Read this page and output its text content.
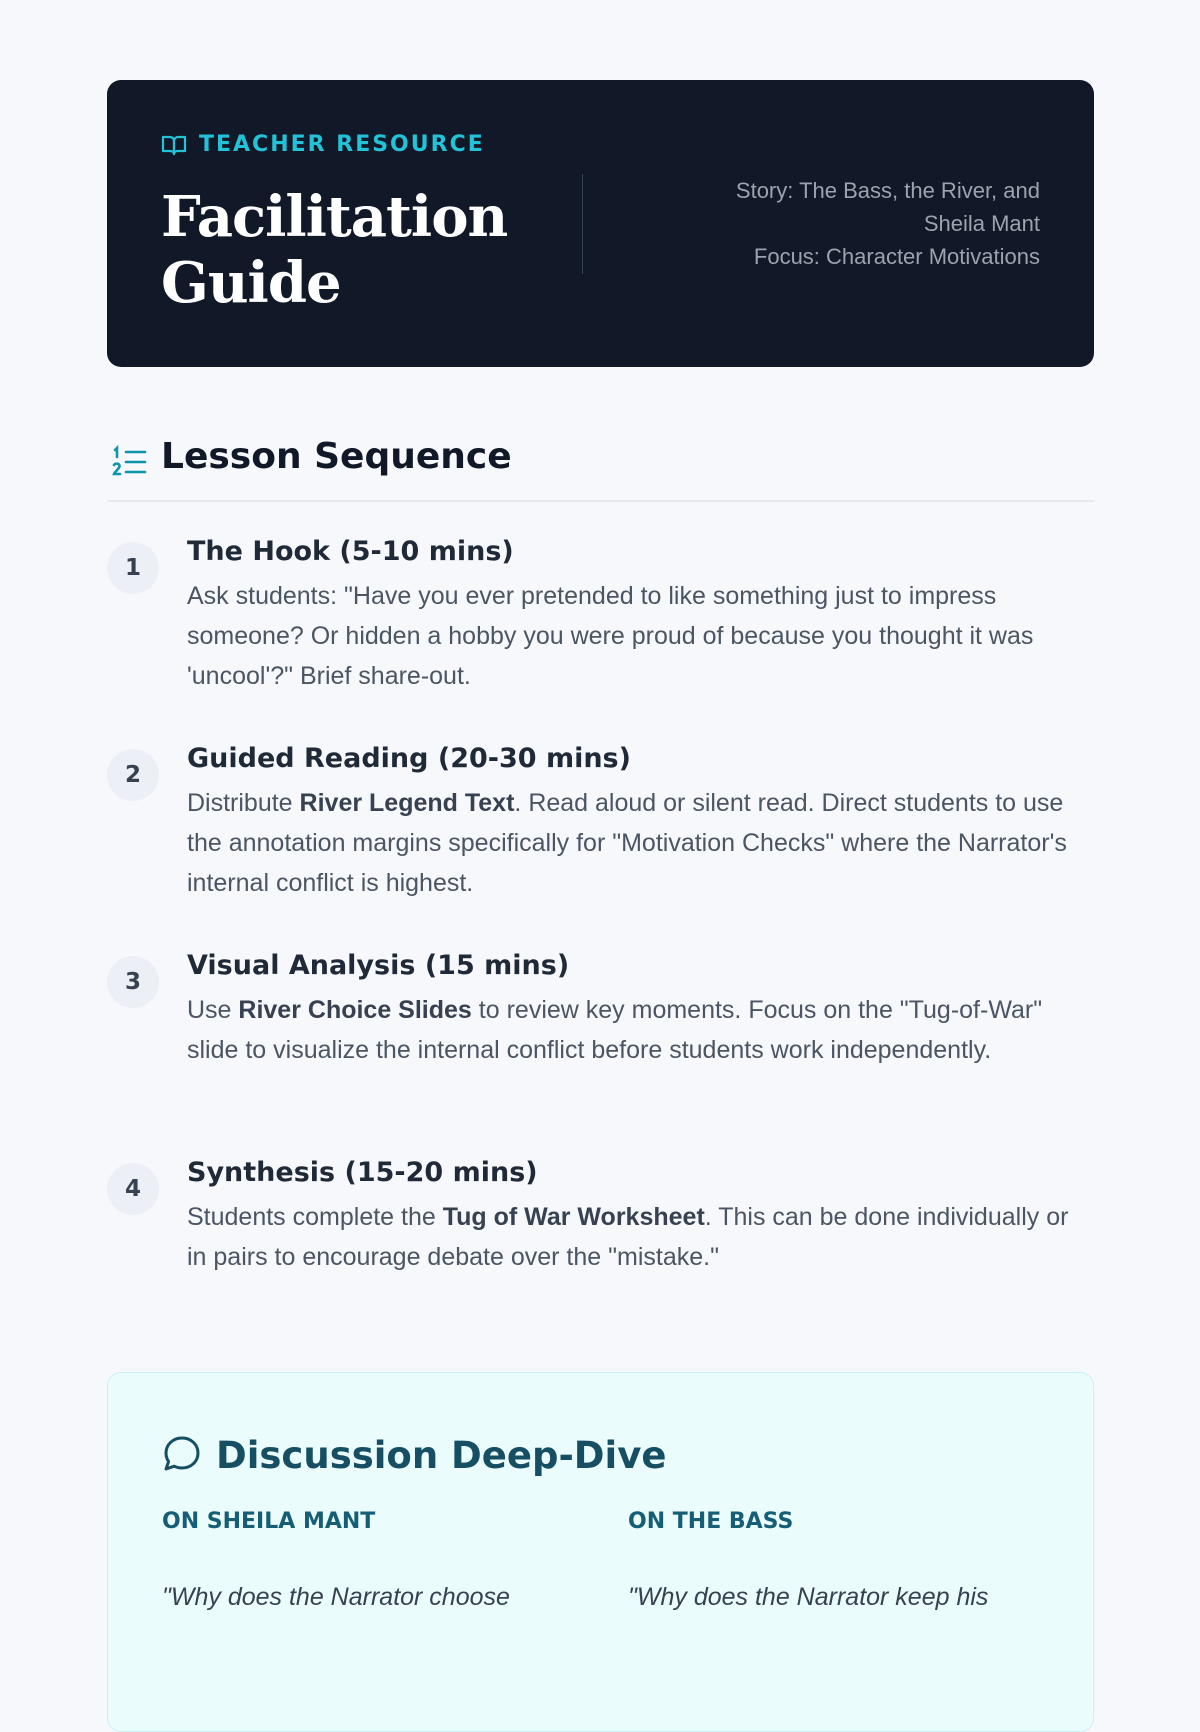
TEACHER RESOURCE
Facilitation Guide
Story: The Bass, the River, and Sheila Mant
Focus: Character Motivations
Lesson Sequence
1
The Hook (5-10 mins)

Ask students: "Have you ever pretended to like something just to impress someone? Or hidden a hobby you were proud of because you thought it was 'uncool'?" Brief share-out.

2
Guided Reading (20-30 mins)

Distribute River Legend Text. Read aloud or silent read. Direct students to use the annotation margins specifically for "Motivation Checks" where the Narrator's internal conflict is highest.

3
Visual Analysis (15 mins)

Use River Choice Slides to review key moments. Focus on the "Tug-of-War" slide to visualize the internal conflict before students work independently.

4
Synthesis (15-20 mins)

Students complete the Tug of War Worksheet. This can be done individually or in pairs to encourage debate over the "mistake."

Discussion Deep-Dive
ON SHEILA MANT
"Why does the Narrator choose
ON THE BASS
"Why does the Narrator keep his
